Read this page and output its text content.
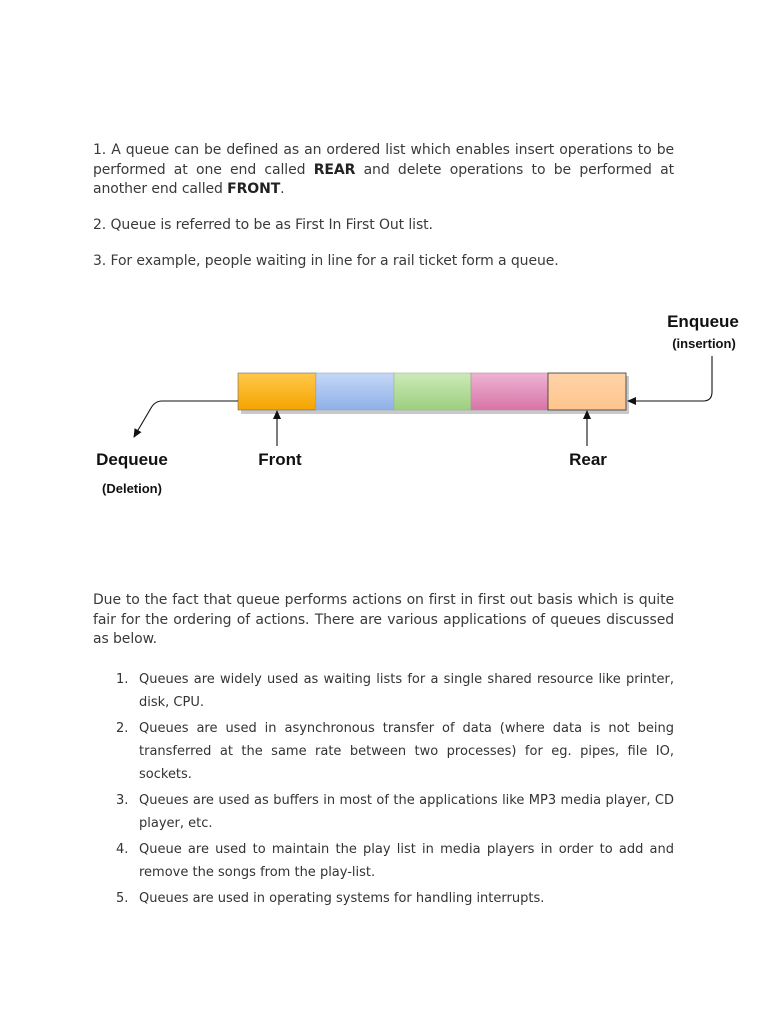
1. A queue can be defined as an ordered list which enables insert operations to be performed at one end called REAR and delete operations to be performed at another end called FRONT.

2. Queue is referred to be as First In First Out list.

3. For example, people waiting in line for a rail ticket form a queue.

Enqueue
(insertion)
Dequeue
(Deletion)
Front	Rear

Due to the fact that queue performs actions on first in first out basis which is quite fair for the ordering of actions. There are various applications of queues discussed as below.

1. Queues are widely used as waiting lists for a single shared resource like printer, disk, CPU.
2. Queues are used in asynchronous transfer of data (where data is not being transferred at the same rate between two processes) for eg. pipes, file IO, sockets.
3. Queues are used as buffers in most of the applications like MP3 media player, CD player, etc.
4. Queue are used to maintain the play list in media players in order to add and remove the songs from the play-list.
5. Queues are used in operating systems for handling interrupts.
